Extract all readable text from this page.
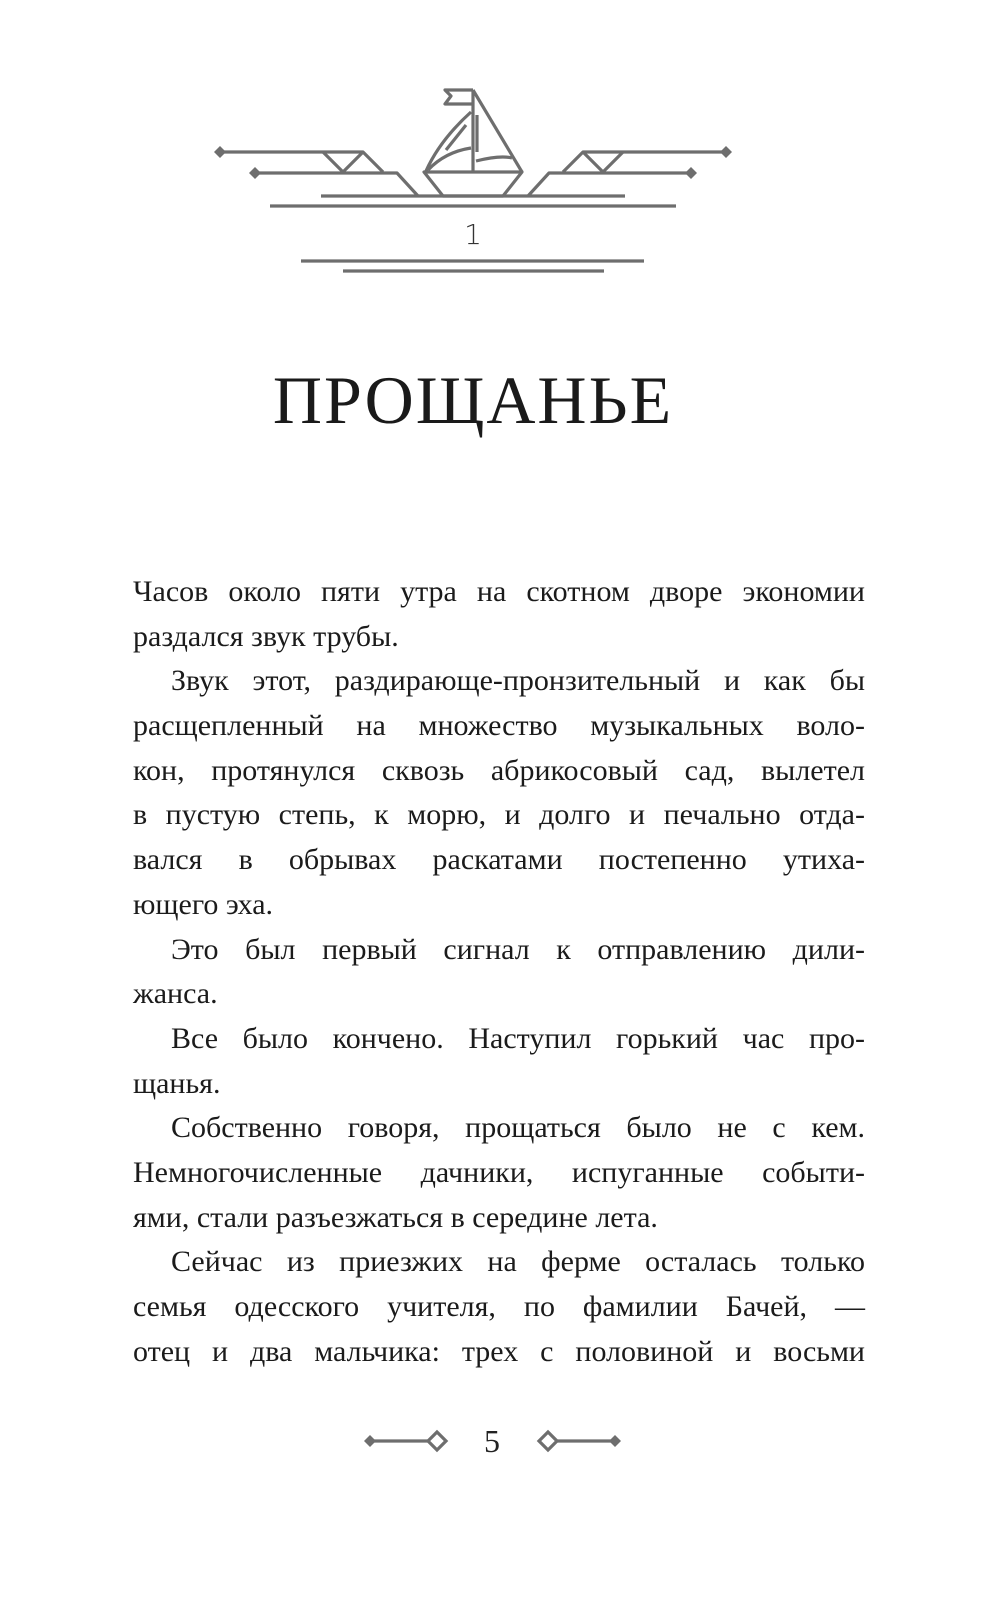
1
ПРОЩАНЬЕ
Часов около пяти утра на скотном дворе экономии
раздался звук трубы.
Звук этот, раздирающе-пронзительный и как бы
расщепленный на множество музыкальных воло-
кон, протянулся сквозь абрикосовый сад, вылетел
в пустую степь, к морю, и долго и печально отда-
вался в обрывах раскатами постепенно утиха-
ющего эха.
Это был первый сигнал к отправлению дили-
жанса.
Все было кончено. Наступил горький час про-
щанья.
Собственно говоря, прощаться было не с кем.
Немногочисленные дачники, испуганные событи-
ями, стали разъезжаться в середине лета.
Сейчас из приезжих на ферме осталась только
семья одесского учителя, по фамилии Бачей, —
отец и два мальчика: трех с половиной и восьми
5
